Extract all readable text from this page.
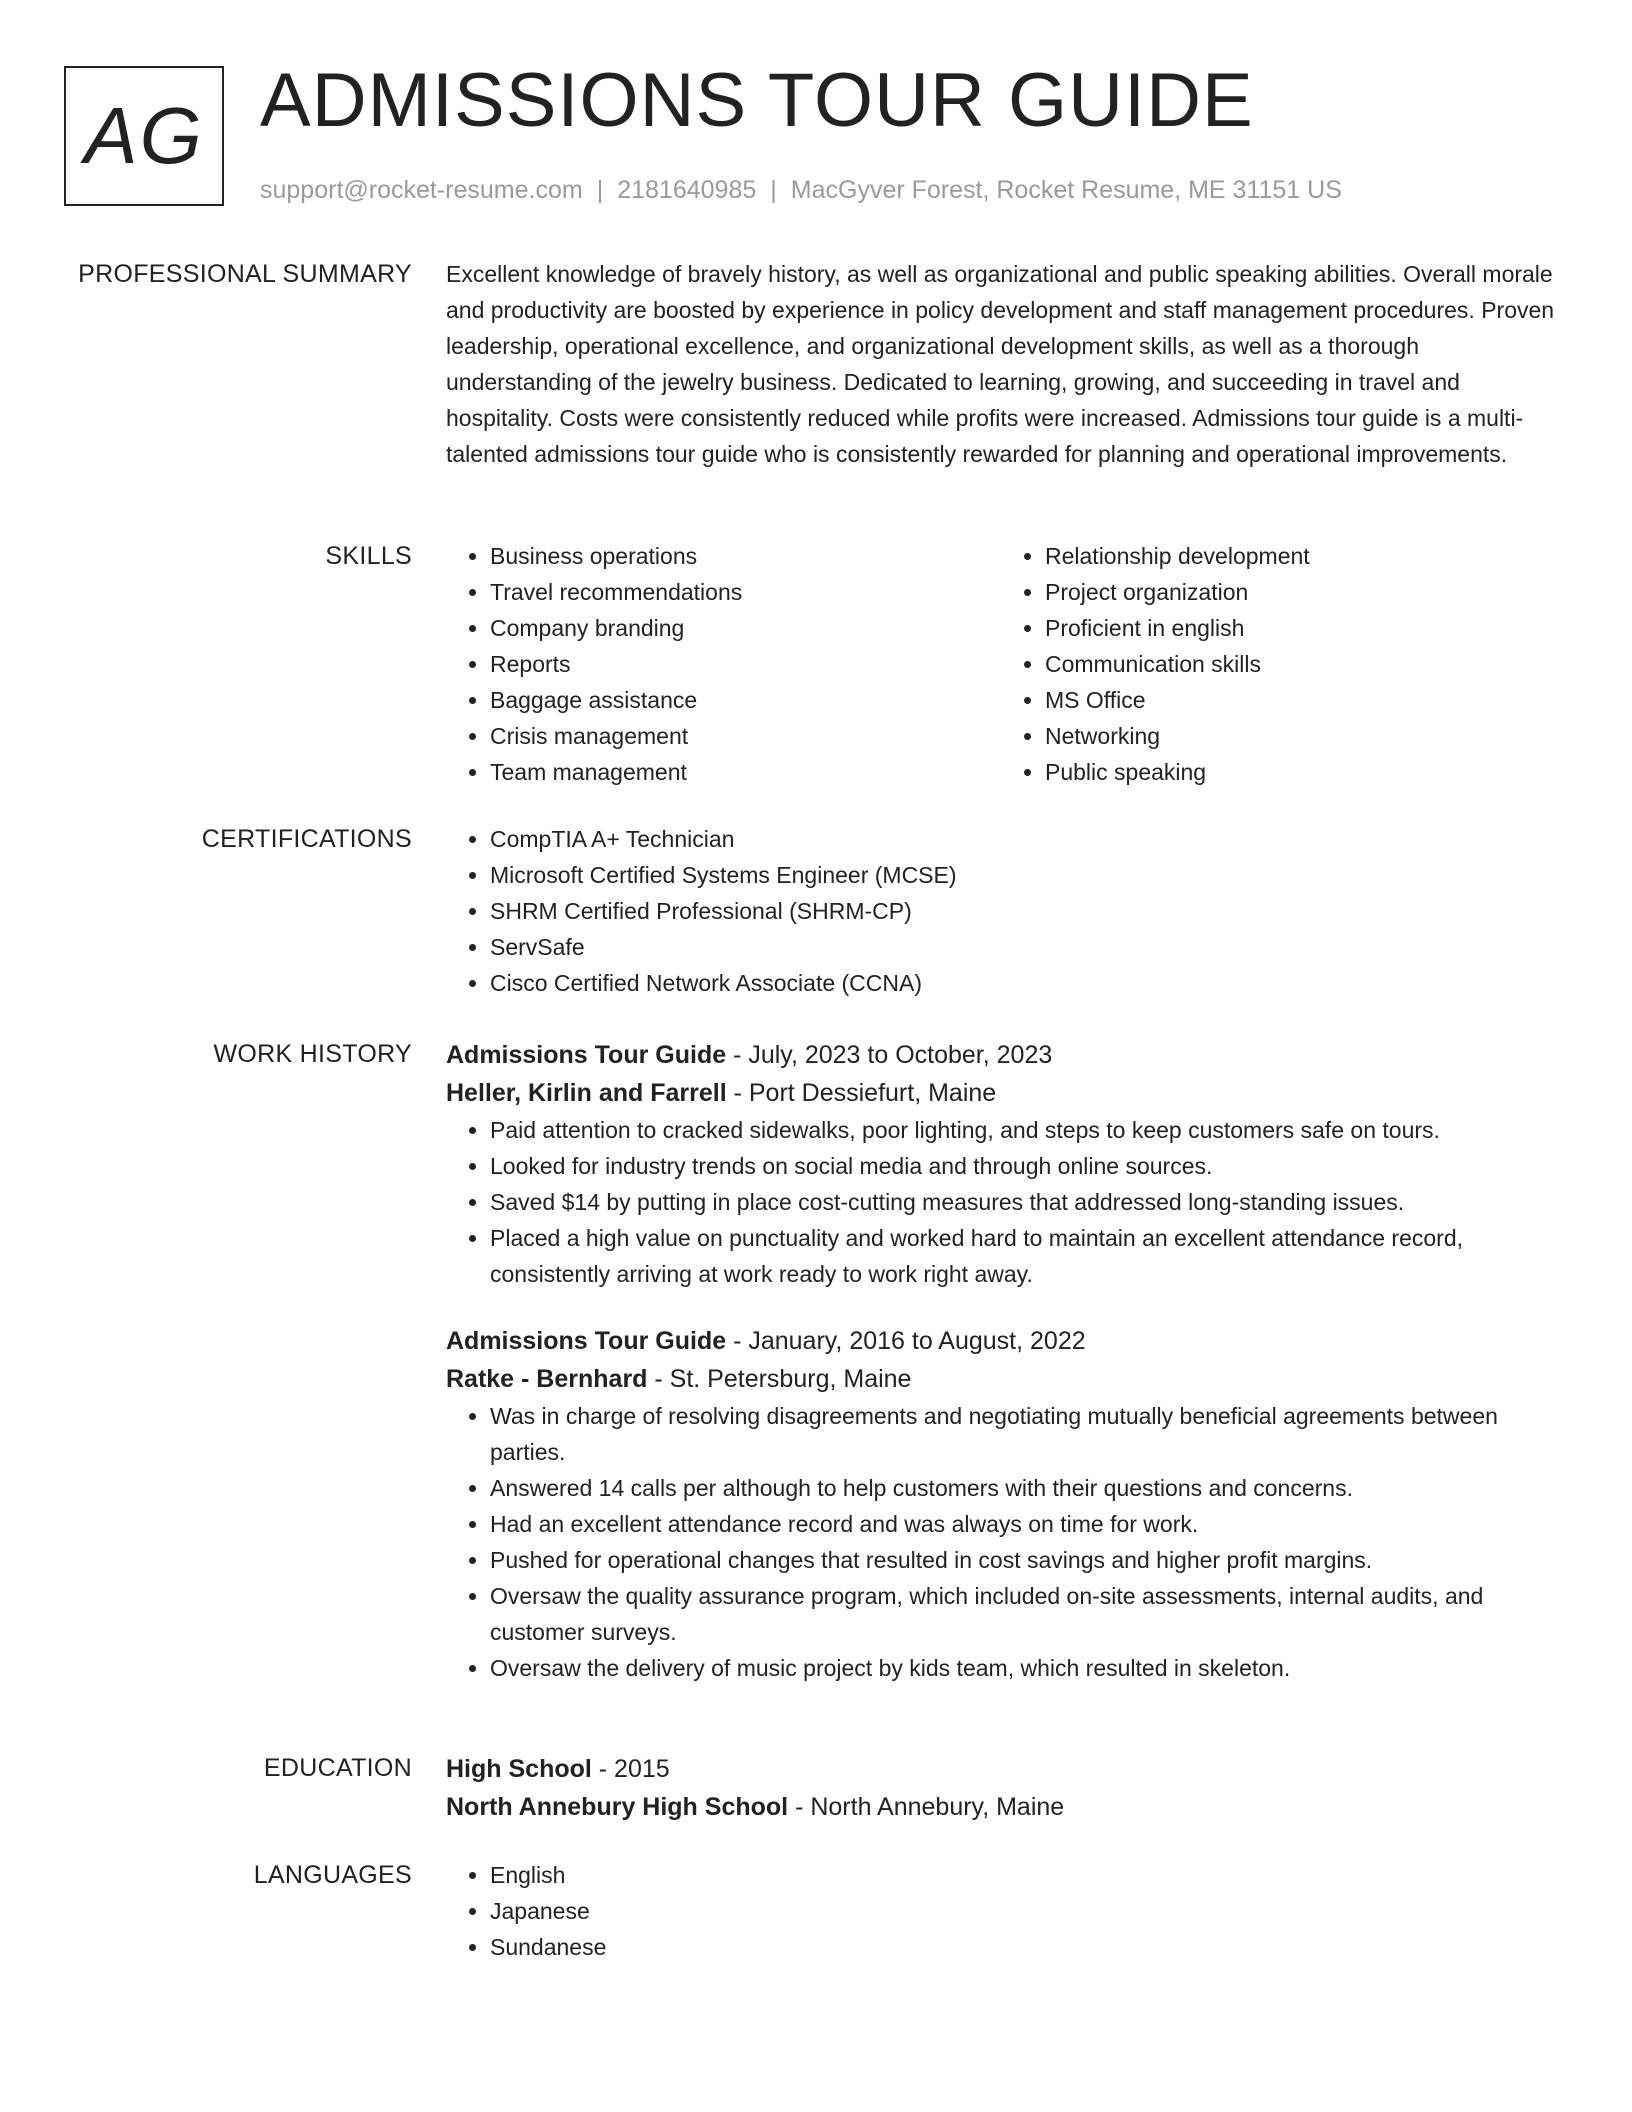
AG ADMISSIONS TOUR GUIDE
support@rocket-resume.com | 2181640985 | MacGyver Forest, Rocket Resume, ME 31151 US
PROFESSIONAL SUMMARY Excellent knowledge of bravely history, as well as organizational and public speaking abilities. Overall morale and productivity are boosted by experience in policy development and staff management procedures. Proven leadership, operational excellence, and organizational development skills, as well as a thorough understanding of the jewelry business. Dedicated to learning, growing, and succeeding in travel and hospitality. Costs were consistently reduced while profits were increased. Admissions tour guide is a multi-talented admissions tour guide who is consistently rewarded for planning and operational improvements.

SKILLS	• Business operations
• Travel recommendations
• Company branding
• Reports
• Baggage assistance
• Crisis management
• Team management
• Relationship development
• Project organization
• Proficient in english
• Communication skills
• MS Office
• Networking
• Public speaking
CERTIFICATIONS	• CompTIA A+ Technician
• Microsoft Certified Systems Engineer (MCSE)
• SHRM Certified Professional (SHRM-CP)
• ServSafe
• Cisco Certified Network Associate (CCNA)
WORK HISTORY Admissions Tour Guide - July, 2023 to October, 2023
Heller, Kirlin and Farrell - Port Dessiefurt, Maine
• Paid attention to cracked sidewalks, poor lighting, and steps to keep customers safe on tours.
• Looked for industry trends on social media and through online sources.
• Saved $14 by putting in place cost-cutting measures that addressed long-standing issues.
• Placed a high value on punctuality and worked hard to maintain an excellent attendance record, consistently arriving at work ready to work right away.
Admissions Tour Guide - January, 2016 to August, 2022
Ratke - Bernhard - St. Petersburg, Maine
• Was in charge of resolving disagreements and negotiating mutually beneficial agreements between parties.
• Answered 14 calls per although to help customers with their questions and concerns.
• Had an excellent attendance record and was always on time for work.
• Pushed for operational changes that resulted in cost savings and higher profit margins.
• Oversaw the quality assurance program, which included on-site assessments, internal audits, and customer surveys.
• Oversaw the delivery of music project by kids team, which resulted in skeleton.
EDUCATION High School - 2015
North Annebury High School - North Annebury, Maine
LANGUAGES	• English
• Japanese
• Sundanese
